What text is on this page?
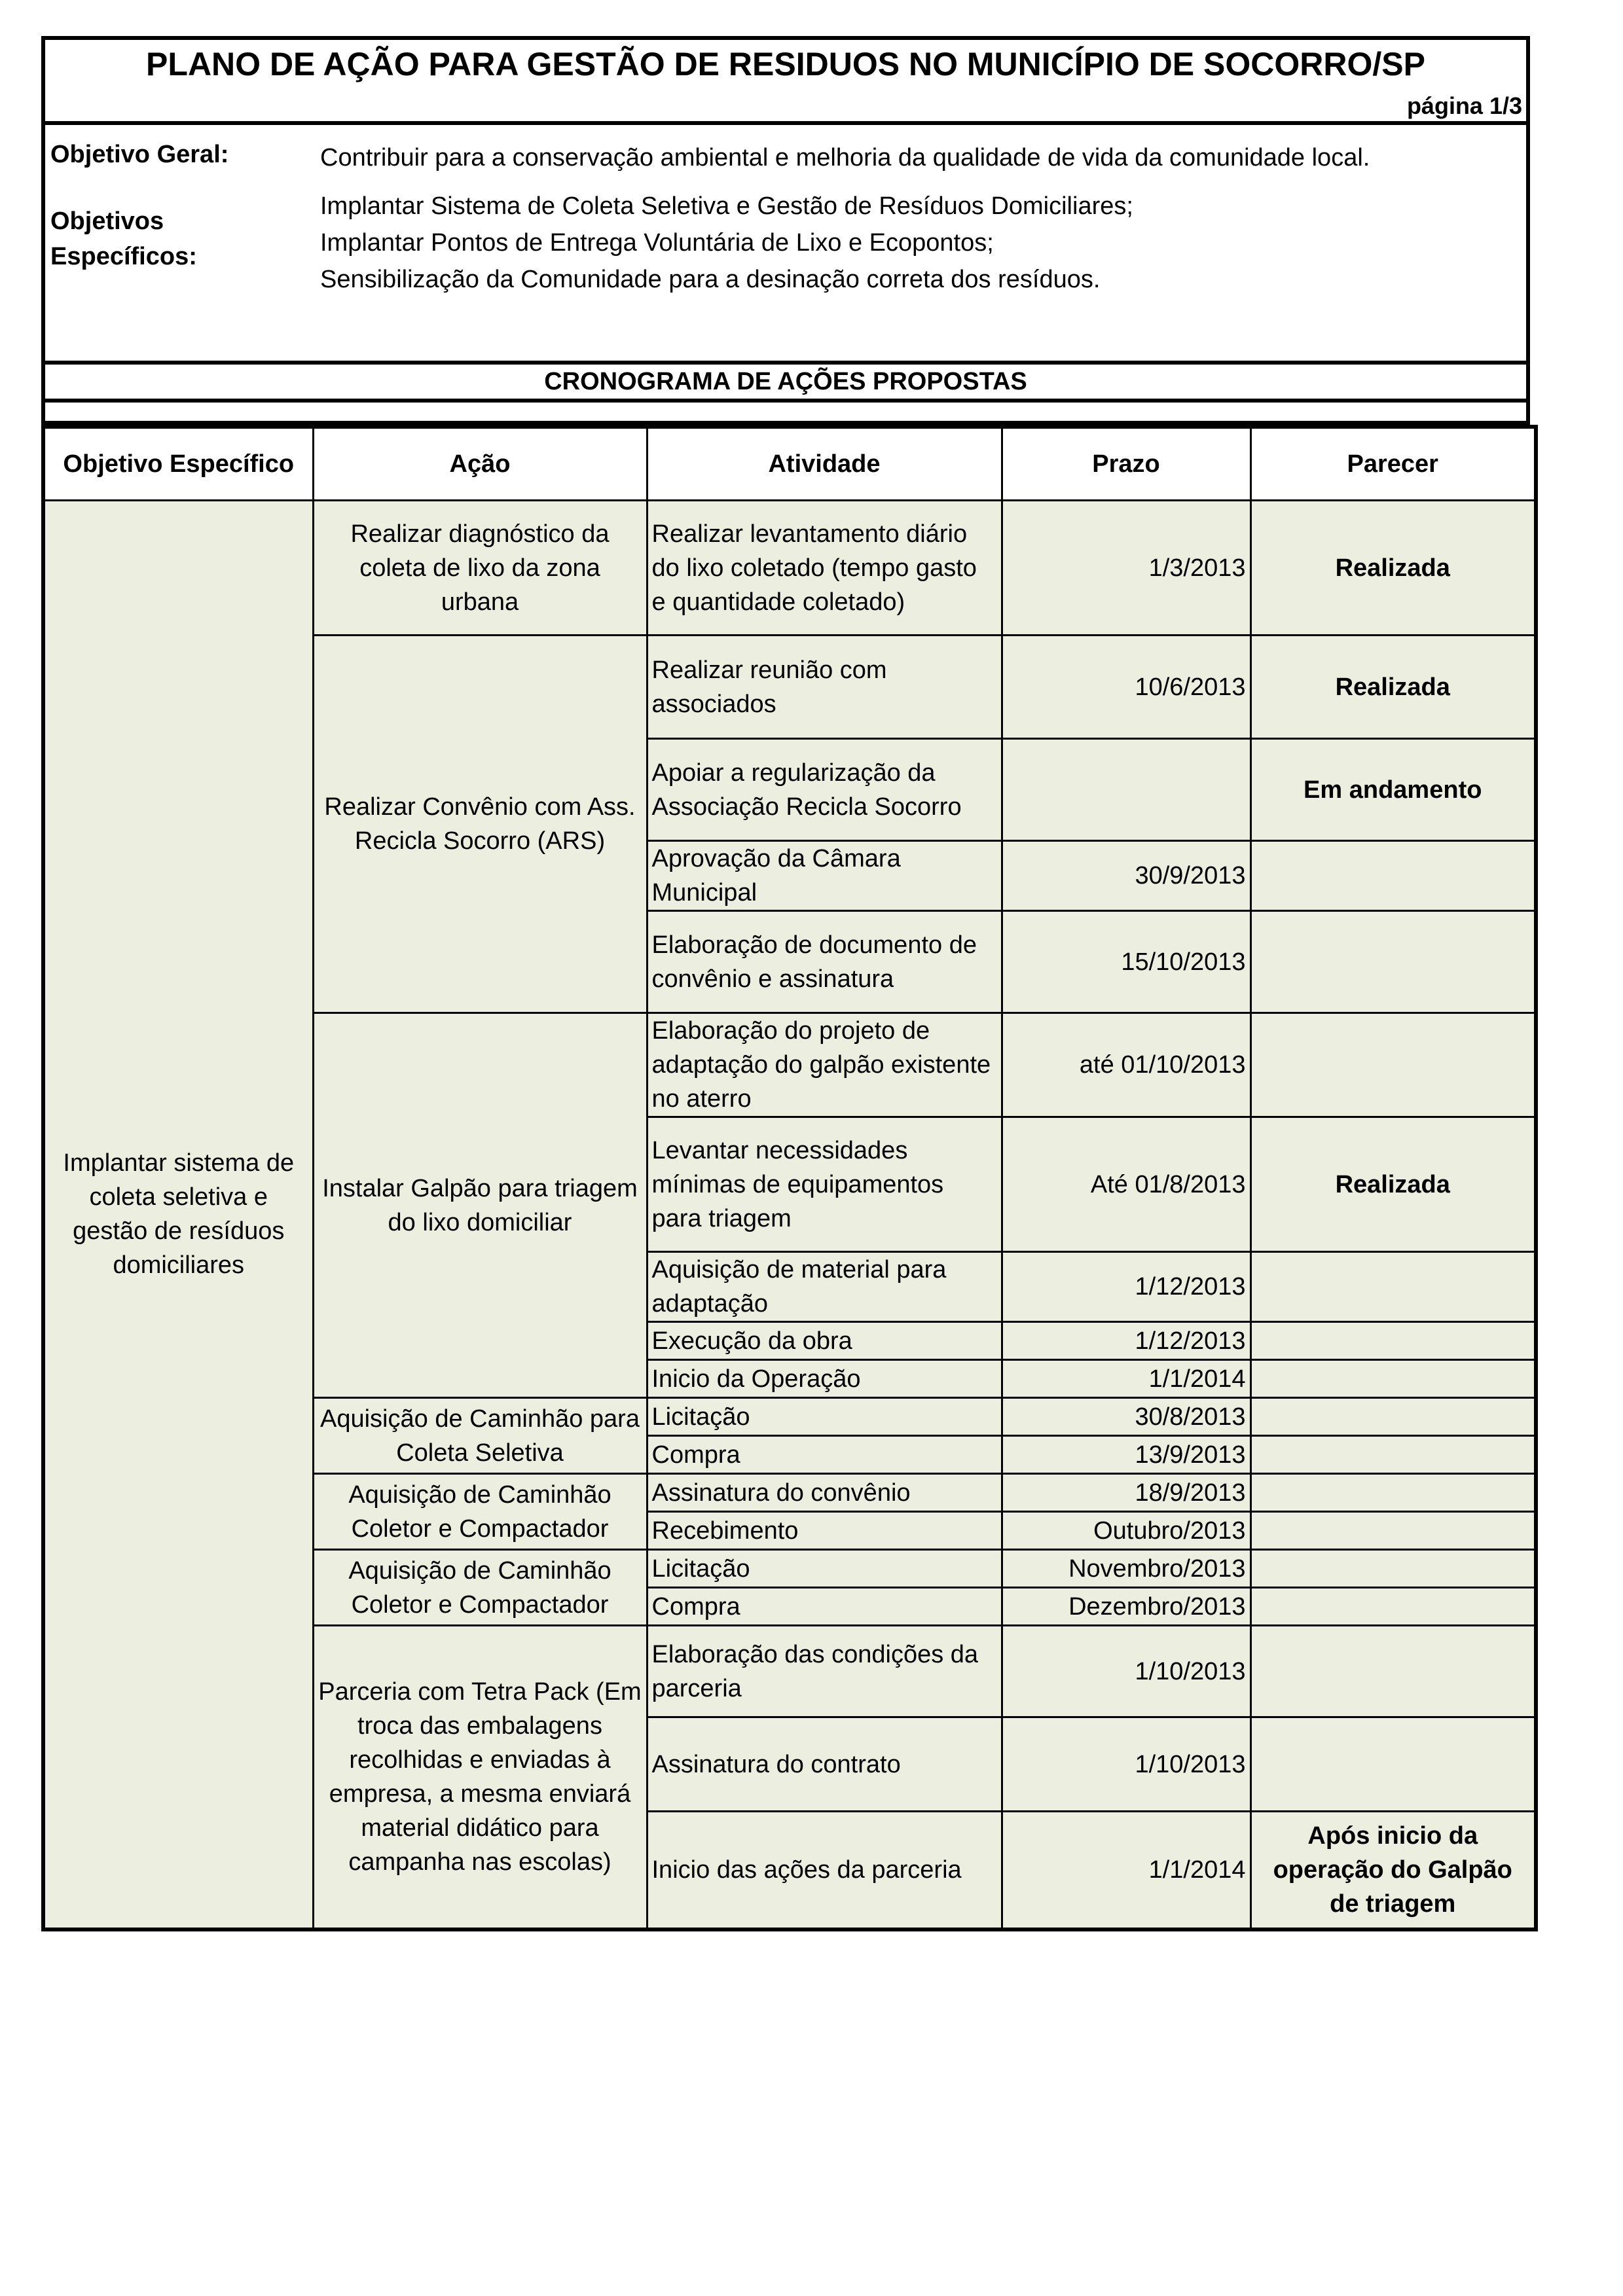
PLANO DE AÇÃO PARA GESTÃO DE RESIDUOS NO MUNICÍPIO DE SOCORRO/SP
página 1/3
Objetivo Geral:	Contribuir para a conservação ambiental e melhoria da qualidade de vida da comunidade local.
Objetivos
Específicos:
Implantar Sistema de Coleta Seletiva e Gestão de Resíduos Domiciliares;
Implantar Pontos de Entrega Voluntária de Lixo e Ecopontos;
Sensibilização da Comunidade para a desinação correta dos resíduos.
CRONOGRAMA DE AÇÕES PROPOSTAS
Objetivo Específico	Ação	Atividade	Prazo	Parecer
Implantar sistema de coleta seletiva e gestão de resíduos domiciliares	Realizar diagnóstico da coleta de lixo da zona urbana	Realizar levantamento diário do lixo coletado (tempo gasto e quantidade coletado)	1/3/2013	Realizada
	Realizar Convênio com Ass. Recicla Socorro (ARS)	Realizar reunião com associados	10/6/2013	Realizada
		Apoiar a regularização da Associação Recicla Socorro		Em andamento
		Aprovação da Câmara Municipal	30/9/2013	
		Elaboração de documento de convênio e assinatura	15/10/2013	
	Instalar Galpão para triagem do lixo domiciliar	Elaboração do projeto de adaptação do galpão existente no aterro	até 01/10/2013	
		Levantar necessidades mínimas de equipamentos para triagem	Até 01/8/2013	Realizada
		Aquisição de material para adaptação	1/12/2013	
		Execução da obra	1/12/2013	
		Inicio da Operação	1/1/2014	
	Aquisição de Caminhão para Coleta Seletiva	Licitação	30/8/2013	
		Compra	13/9/2013	
	Aquisição de Caminhão Coletor e Compactador	Assinatura do convênio	18/9/2013	
		Recebimento	Outubro/2013	
	Aquisição de Caminhão Coletor e Compactador	Licitação	Novembro/2013	
		Compra	Dezembro/2013	
	Parceria com Tetra Pack (Em troca das embalagens recolhidas e enviadas à empresa, a mesma enviará material didático para campanha nas escolas)	Elaboração das condições da parceria	1/10/2013	
		Assinatura do contrato	1/10/2013	
		Inicio das ações da parceria	1/1/2014	Após inicio da operação do Galpão de triagem
